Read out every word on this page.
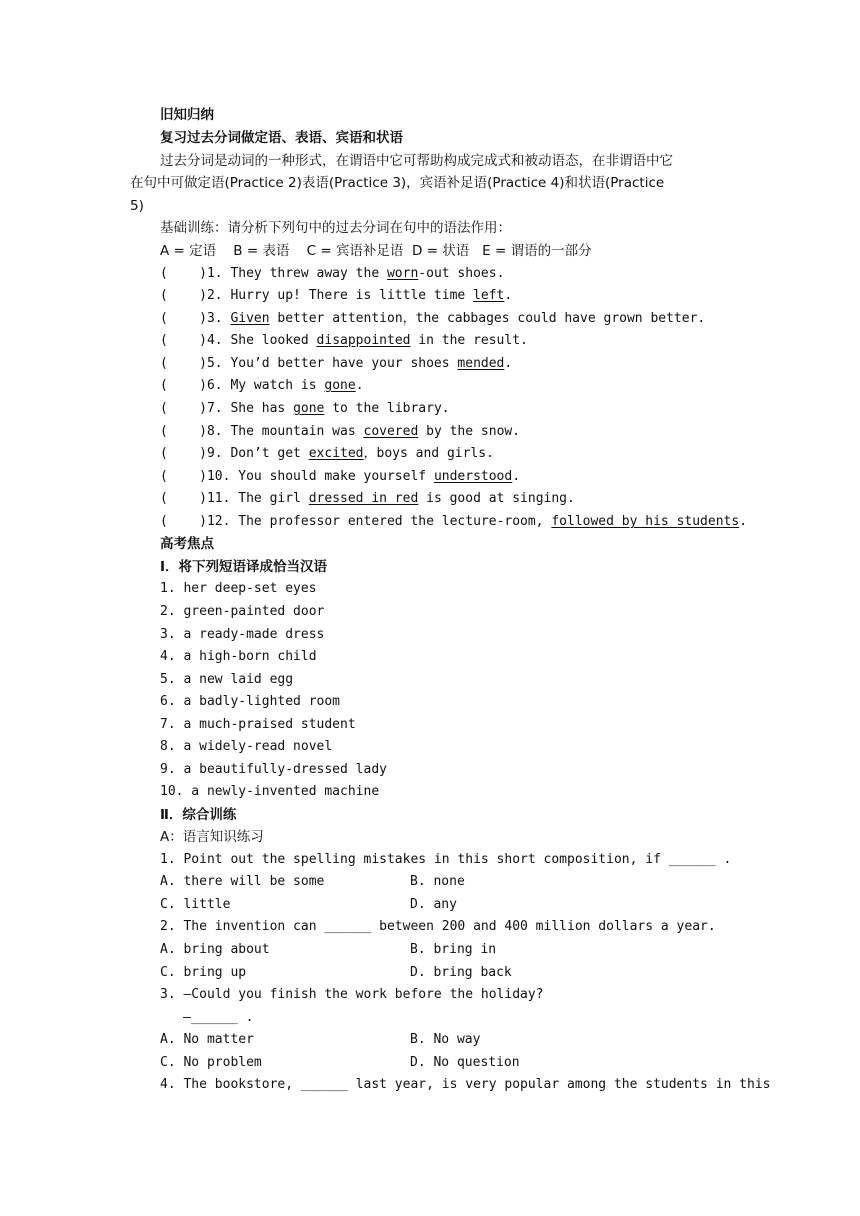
旧知归纳
复习过去分词做定语、表语、宾语和状语
过去分词是动词的一种形式，在谓语中它可帮助构成完成式和被动语态，在非谓语中它
在句中可做定语(Practice 2)表语(Practice 3)，宾语补足语(Practice 4)和状语(Practice
5)
基础训练：请分析下列句中的过去分词在句中的语法作用：
A = 定语    B = 表语    C = 宾语补足语  D = 状语   E = 谓语的一部分
(    )1. They threw away the worn-out shoes.
(    )2. Hurry up! There is little time left.
(    )3. Given better attention，the cabbages could have grown better.
(    )4. She looked disappointed in the result.
(    )5. You’d better have your shoes mended.
(    )6. My watch is gone.
(    )7. She has gone to the library.
(    )8. The mountain was covered by the snow.
(    )9. Don’t get excited，boys and girls.
(    )10. You should make yourself understood.
(    )11. The girl dressed in red is good at singing.
(    )12. The professor entered the lecture-room, followed by his students.
高考焦点
Ⅰ．将下列短语译成恰当汉语
1. her deep-set eyes
2. green-painted door
3. a ready-made dress
4. a high-born child
5. a new laid egg
6. a badly-lighted room
7. a much-praised student
8. a widely-read novel
9. a beautifully-dressed lady
10. a newly-invented machine
Ⅱ．综合训练
A：语言知识练习
1. Point out the spelling mistakes in this short composition, if ______ .
A. there will be some	B. none
C. little	D. any
2. The invention can ______ between 200 and 400 million dollars a year.
A. bring about	B. bring in
C. bring up	D. bring back
3. —Could you finish the work before the holiday?
—______ .
A. No matter	B. No way
C. No problem	D. No question
4. The bookstore, ______ last year, is very popular among the students in this
